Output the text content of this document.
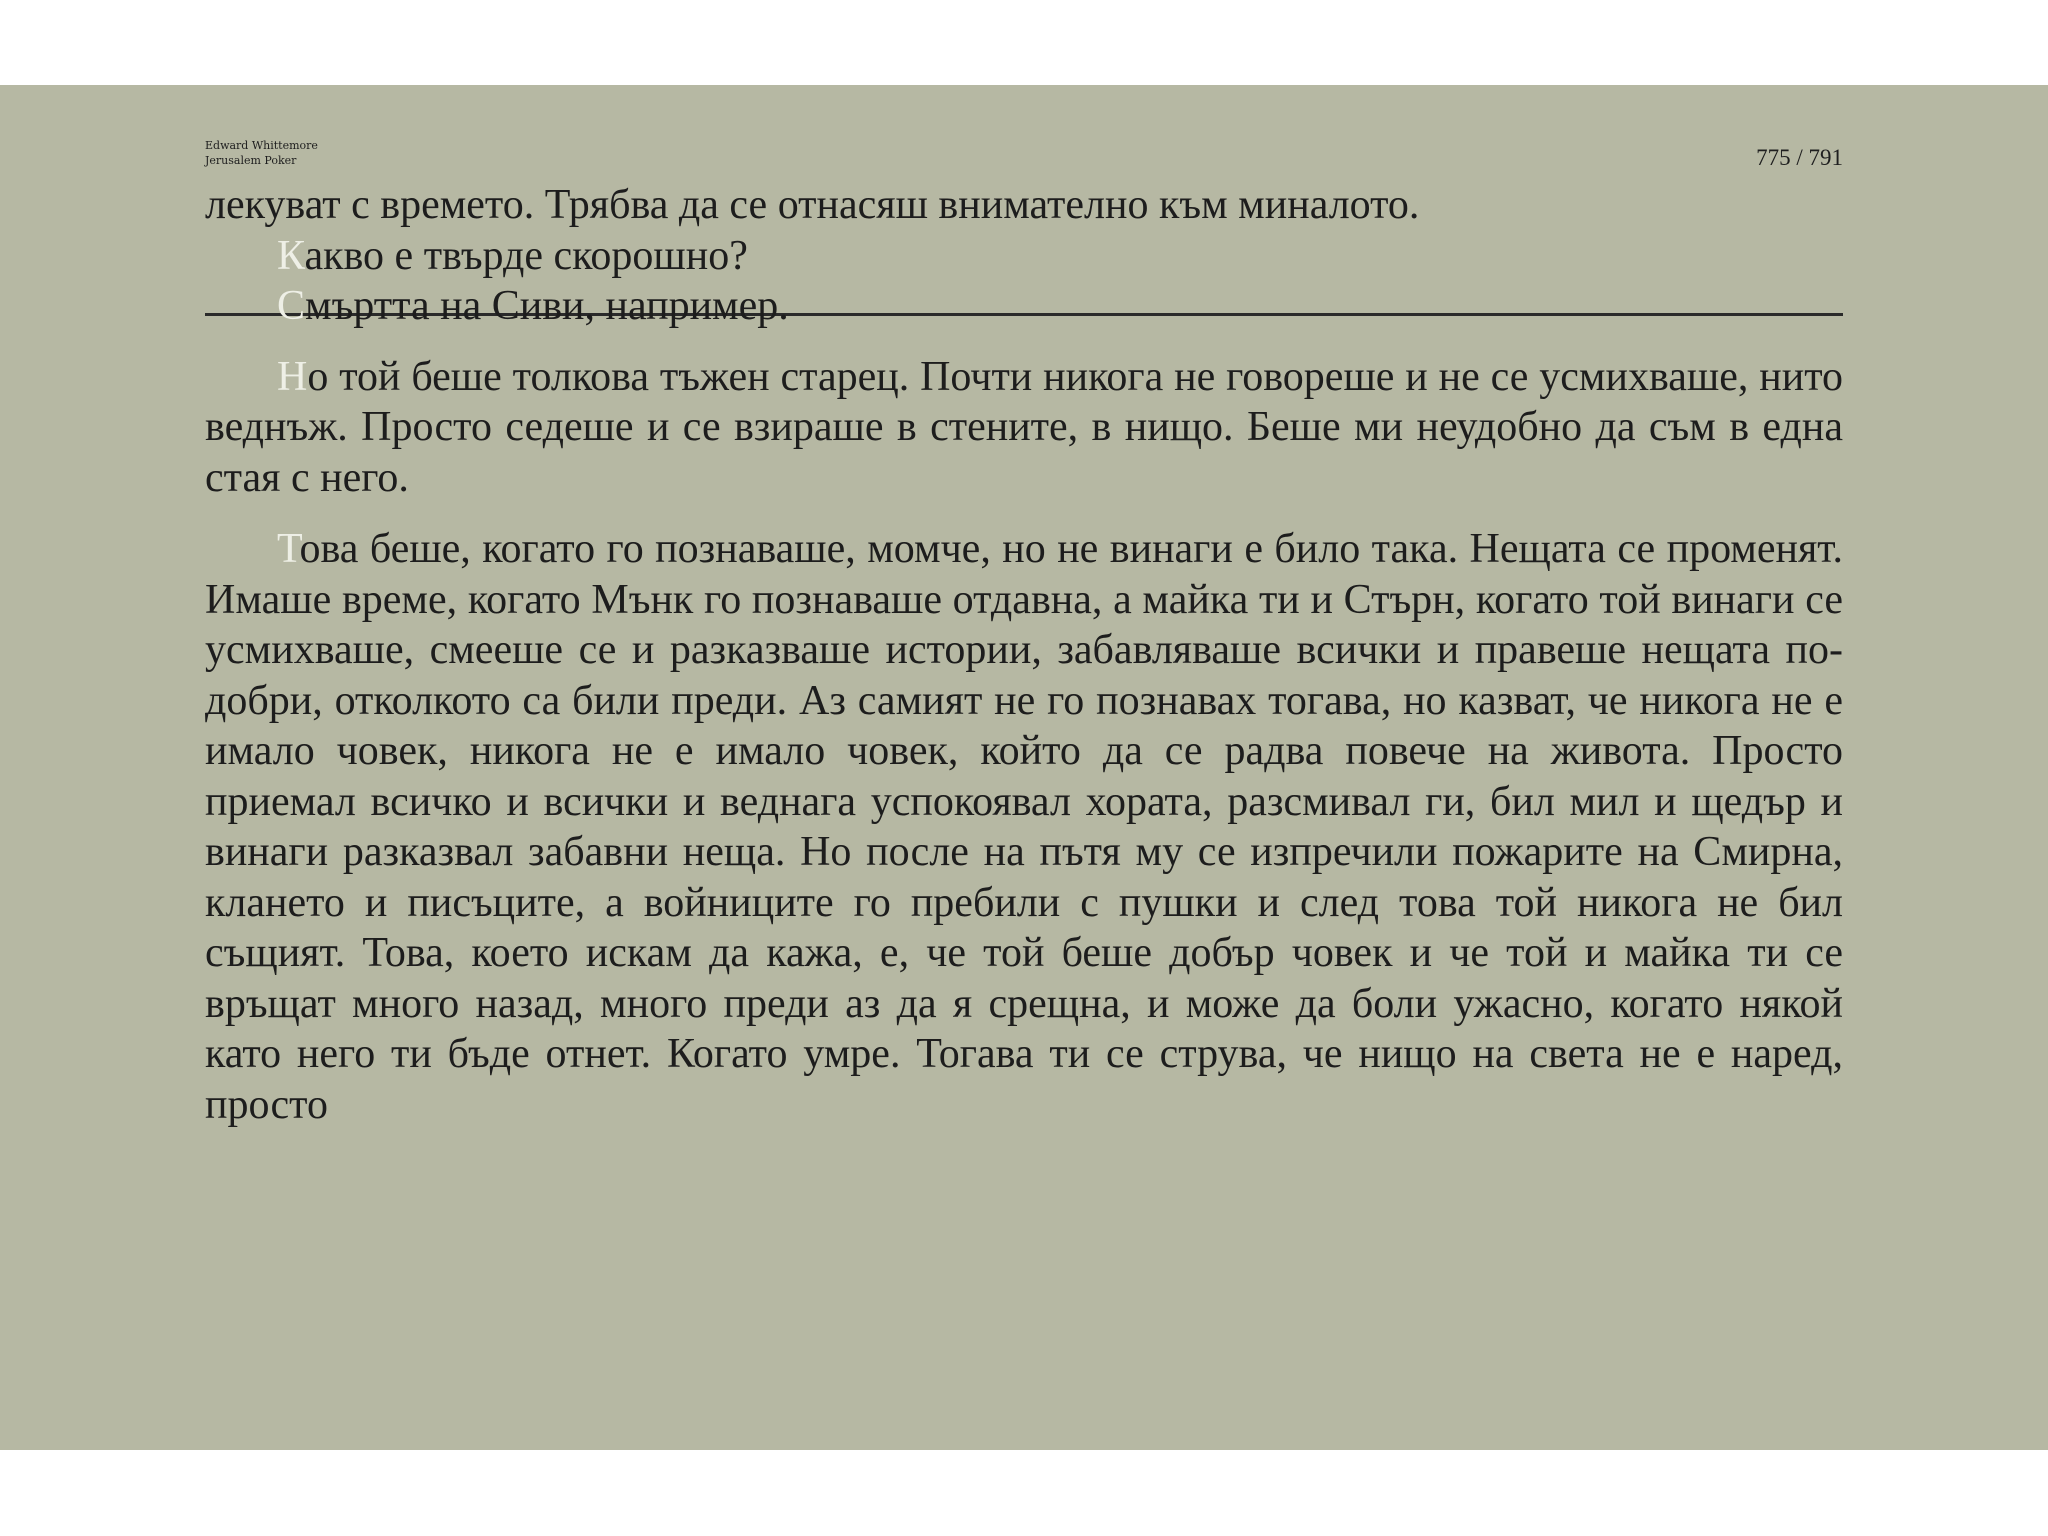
Edward Whittemore
Jerusalem Poker	775 / 791

лекуват с времето. Трябва да се отнасяш внимателно към миналото.

Какво е твърде скорошно?

Смъртта на Сиви, например.

Но той беше толкова тъжен старец. Почти никога не говореше и не се усмихваше, нито веднъж. Просто седеше и се взираше в стените, в нищо. Беше ми неудобно да съм в една стая с него.

Това беше, когато го познаваше, момче, но не винаги е било така. Нещата се променят. Имаше време, когато Мънк го познаваше отдавна, а майка ти и Стърн, когато той винаги се усмихваше, смееше се и разказваше истории, забавляваше всички и правеше нещата по-добри, отколкото са били преди. Аз самият не го познавах тогава, но казват, че никога не е имало човек, никога не е имало човек, който да се радва повече на живота. Просто приемал всичко и всички и веднага успокоявал хората, разсмивал ги, бил мил и щедър и винаги разказвал забавни неща. Но после на пътя му се изпречили пожарите на Смирна, клането и писъците, а войниците го пребили с пушки и след това той никога не бил същият. Това, което искам да кажа, е, че той беше добър човек и че той и майка ти се връщат много назад, много преди аз да я срещна, и може да боли ужасно, когато някой като него ти бъде отнет. Когато умре. Тогава ти се струва, че нищо на света не е наред, просто
